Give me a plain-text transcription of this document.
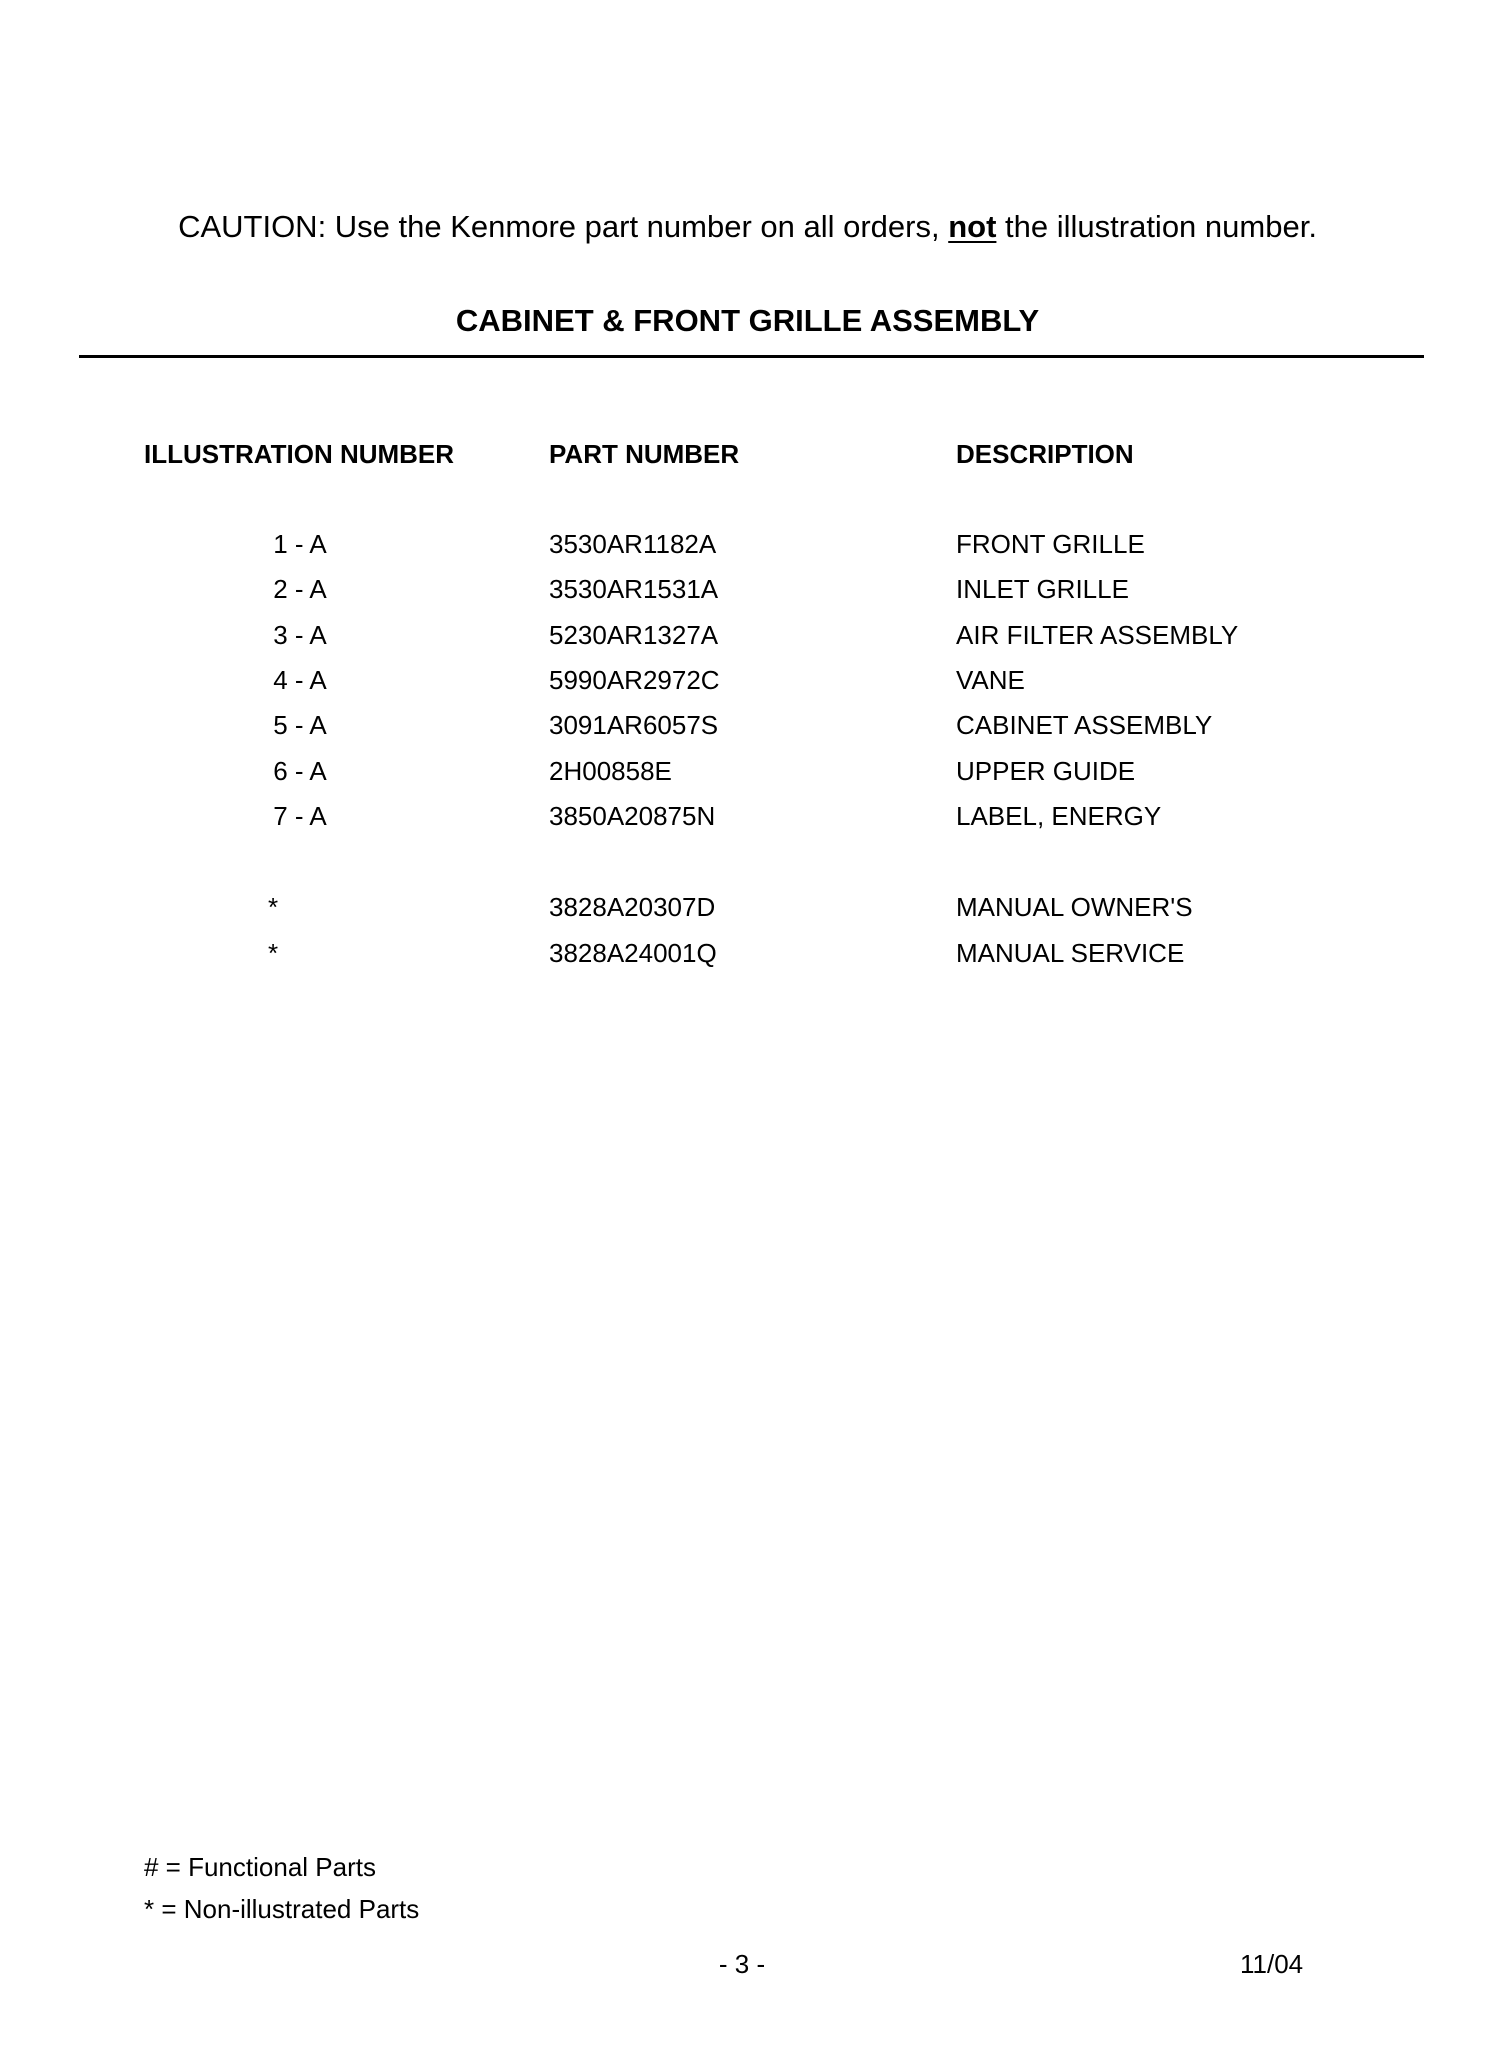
CAUTION: Use the Kenmore part number on all orders, not the illustration number.
CABINET & FRONT GRILLE ASSEMBLY
ILLUSTRATION NUMBER	PART NUMBER	DESCRIPTION
1 - A	3530AR1182A	FRONT GRILLE
2 - A	3530AR1531A	INLET GRILLE
3 - A	5230AR1327A	AIR FILTER ASSEMBLY
4 - A	5990AR2972C	VANE
5 - A	3091AR6057S	CABINET ASSEMBLY
6 - A	2H00858E	UPPER GUIDE
7 - A	3850A20875N	LABEL, ENERGY
*	3828A20307D	MANUAL OWNER'S
*	3828A24001Q	MANUAL SERVICE
# = Functional Parts
* = Non-illustrated Parts
- 3 -	11/04
